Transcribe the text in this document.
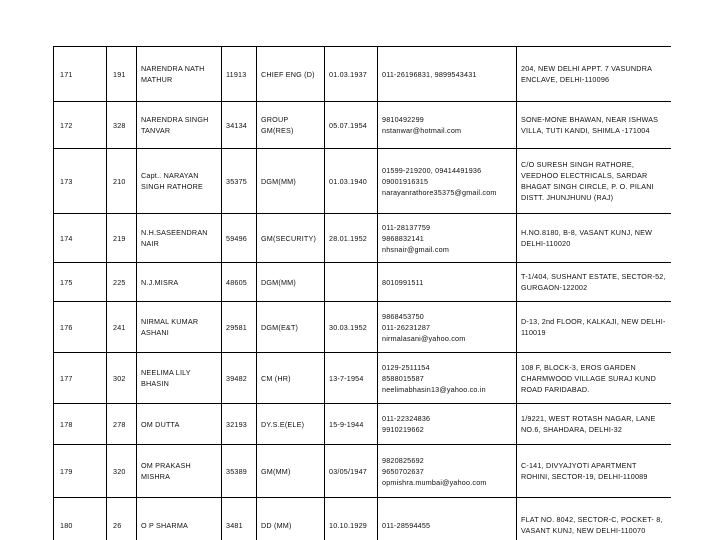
171	191	NARENDRA NATH MATHUR	11913	CHIEF ENG (D)	01.03.1937	011-26196831, 9899543431	204, NEW DELHI APPT. 7 VASUNDRA ENCLAVE, DELHI-110096

172	328	NARENDRA SINGH TANVAR	34134	GROUP GM(RES)	05.07.1954	9810492299
nstanwar@hotmail.com	SONE-MONE BHAWAN, NEAR ISHWAS VILLA, TUTI KANDI, SHIMLA -171004

173	210	Capt.. NARAYAN SINGH RATHORE	35375	DGM(MM)	01.03.1940	01599-219200, 09414491936
09001916315
narayanrathore35375@gmail.com	C/O SURESH SINGH RATHORE, VEEDHOO ELECTRICALS, SARDAR BHAGAT SINGH CIRCLE, P. O. PILANI DISTT. JHUNJHUNU (RAJ)

174	219	N.H.SASEENDRAN NAIR	59496	GM(SECURITY)	28.01.1952	011-28137759
9868832141
nhsnair@gmail.com	H.NO.8180, B-8, VASANT KUNJ, NEW DELHI-110020

175	225	N.J.MISRA	48605	DGM(MM)		8010991511	T-1/404, SUSHANT ESTATE, SECTOR-52, GURGAON-122002

176	241	NIRMAL KUMAR ASHANI	29581	DGM(E&T)	30.03.1952	9868453750
011-26231287
nirmalasani@yahoo.com	D-13, 2nd FLOOR, KALKAJI, NEW DELHI-110019

177	302	NEELIMA LILY BHASIN	39482	CM (HR)	13-7-1954	0129-2511154
8588015587
neelimabhasin13@yahoo.co.in	108 F, BLOCK-3, EROS GARDEN CHARMWOOD VILLAGE SURAJ KUND ROAD FARIDABAD.

178	278	OM DUTTA	32193	DY.S.E(ELE)	15-9-1944	011-22324836
9910219662	1/9221, WEST ROTASH NAGAR, LANE NO.6, SHAHDARA, DELHI-32

179	320	OM PRAKASH MISHRA	35389	GM(MM)	03/05/1947	9820825692
9650702637
opmishra.mumbai@yahoo.com	C-141, DIVYAJYOTI APARTMENT ROHINI, SECTOR-19, DELHI-110089

180	26	O P SHARMA	3481	DD (MM)	10.10.1929	011-28594455	FLAT NO. 8042, SECTOR-C, POCKET- 8, VASANT KUNJ, NEW DELHI-110070
